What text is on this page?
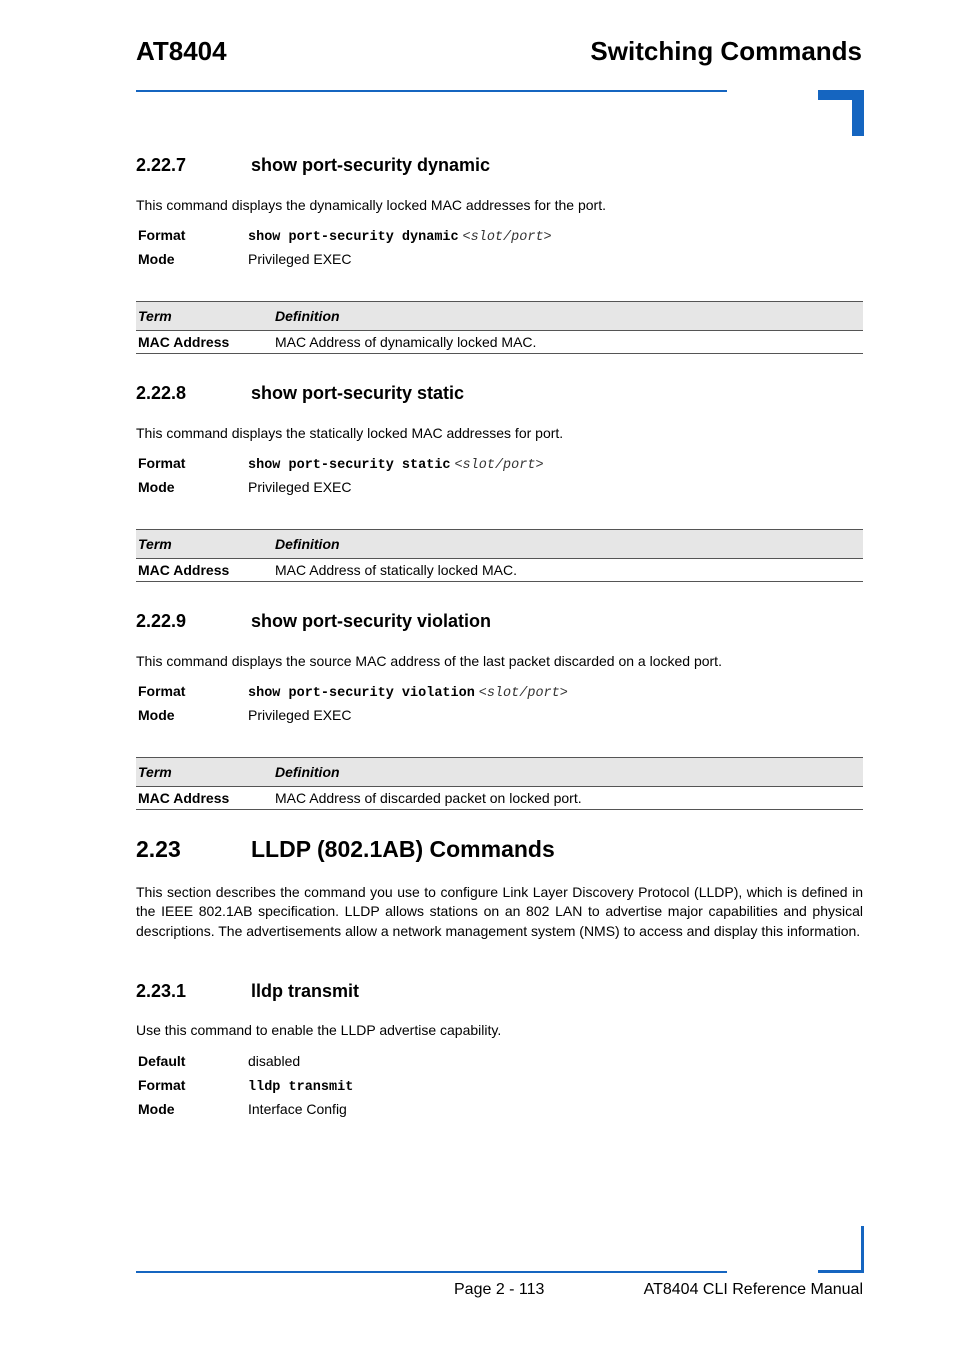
AT8404	Switching Commands
2.22.7	show port-security dynamic
This command displays the dynamically locked MAC addresses for the port.
Format	show port-security dynamic <slot/port>
Mode	Privileged EXEC
Term	Definition
MAC Address	MAC Address of dynamically locked MAC.
2.22.8	show port-security static
This command displays the statically locked MAC addresses for port.
Format	show port-security static <slot/port>
Mode	Privileged EXEC
Term	Definition
MAC Address	MAC Address of statically locked MAC.
2.22.9	show port-security violation
This command displays the source MAC address of the last packet discarded on a locked port.
Format	show port-security violation <slot/port>
Mode	Privileged EXEC
Term	Definition
MAC Address	MAC Address of discarded packet on locked port.
2.23	LLDP (802.1AB) Commands
This section describes the command you use to configure Link Layer Discovery Protocol (LLDP), which is defined in the IEEE 802.1AB specification. LLDP allows stations on an 802 LAN to advertise major capabilities and physical descriptions. The advertisements allow a network management system (NMS) to access and display this information.
2.23.1	lldp transmit
Use this command to enable the LLDP advertise capability.
Default	disabled
Format	lldp transmit
Mode	Interface Config
Page 2 - 113	AT8404 CLI Reference Manual
